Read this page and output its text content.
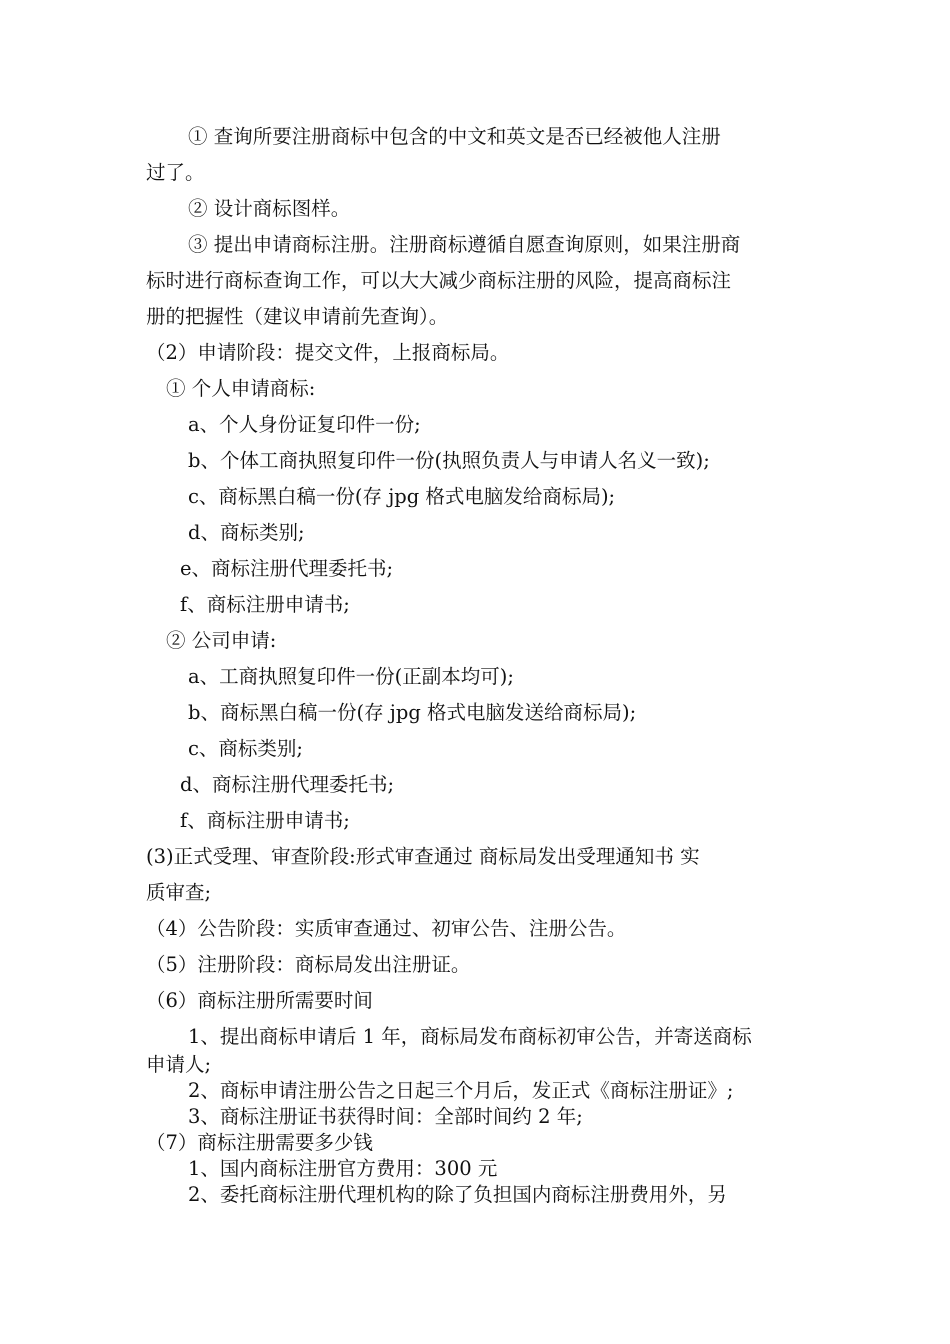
① 查询所要注册商标中包含的中文和英文是否已经被他人注册
过了。
② 设计商标图样。
③ 提出申请商标注册。注册商标遵循自愿查询原则，如果注册商
标时进行商标查询工作，可以大大减少商标注册的风险，提高商标注
册的把握性（建议申请前先查询）。
（2）申请阶段：提交文件，上报商标局。
① 个人申请商标:
a、个人身份证复印件一份;
b、个体工商执照复印件一份(执照负责人与申请人名义一致);
c、商标黑白稿一份(存 jpg 格式电脑发给商标局);
d、商标类别;
e、商标注册代理委托书;
f、商标注册申请书;
② 公司申请:
a、工商执照复印件一份(正副本均可);
b、商标黑白稿一份(存 jpg 格式电脑发送给商标局);
c、商标类别;
d、商标注册代理委托书;
f、商标注册申请书;
(3)正式受理、审查阶段:形式审查通过 商标局发出受理通知书 实
质审查;
（4）公告阶段：实质审查通过、初审公告、注册公告。
（5）注册阶段：商标局发出注册证。
（6）商标注册所需要时间
1、提出商标申请后 1 年，商标局发布商标初审公告，并寄送商标
申请人;
2、商标申请注册公告之日起三个月后，发正式《商标注册证》;
3、商标注册证书获得时间：全部时间约 2 年;
（7）商标注册需要多少钱
1、国内商标注册官方费用：300 元
2、委托商标注册代理机构的除了负担国内商标注册费用外，另
